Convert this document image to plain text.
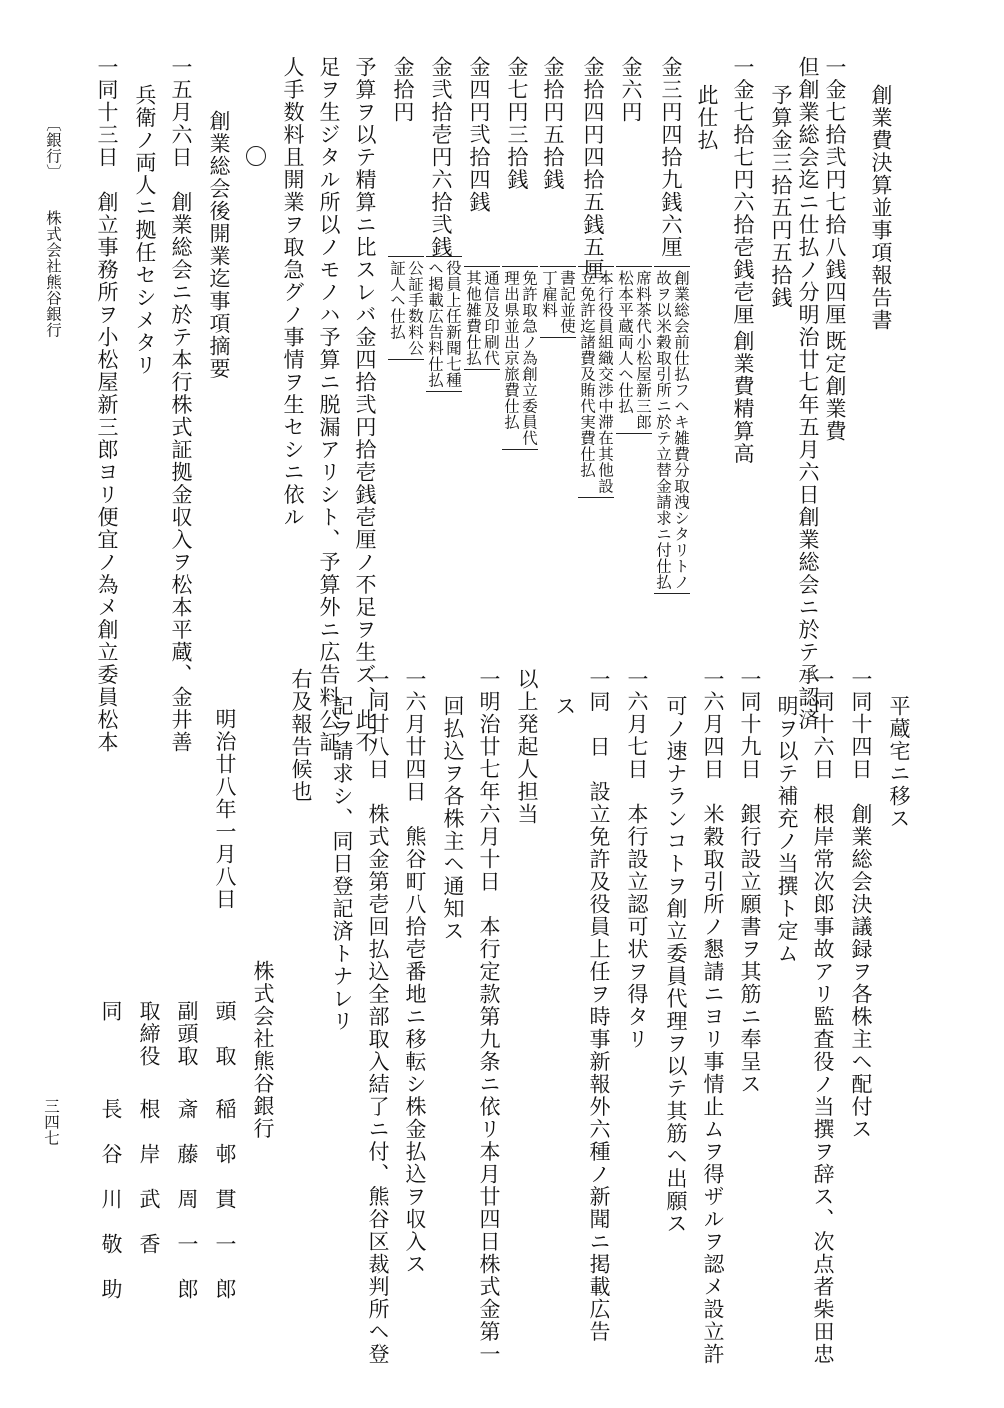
創業費決算並事項報告書
一金七拾弐円七拾八銭四厘
既定創業費
但創業総会迄ニ仕払ノ分明治廿七年五月六日創業総会ニ於テ承認済
予算金三拾五円五拾銭
一金七拾七円六拾壱銭壱厘
創業費精算高
此仕払
金三円四拾九銭六厘
創業総会前仕払フヘキ雑費分取洩シタリトノ
故ヲ以米穀取引所ニ於テ立替金請求ニ付仕払
金六円
席料茶代小松屋新三郎
松本平蔵両人ヘ仕払
金拾四円四拾五銭五厘
本行役員組織交渉中滞在其他設
立免許迄諸費及賄代実費仕払
金拾円五拾銭
書記並使
丁雇料
金七円三拾銭
免許取急ノ為創立委員代
理出県並出京旅費仕払
金四円弐拾四銭
通信及印刷代
其他雑費仕払
金弐拾壱円六拾弐銭
役員上任新聞七種
ヘ掲載広告料仕払
金拾円
公証手数料公
証人ヘ仕払
予算ヲ以テ精算ニ比スレバ金四拾弐円拾壱銭壱厘ノ不足ヲ生ズ、此不
足ヲ生ジタル所以ノモノハ予算ニ脱漏アリシト、予算外ニ広告料公証
人手数料且開業ヲ取急グノ事情ヲ生セシニ依ル
創業総会後開業迄事項摘要
一五月六日　創業総会ニ於テ本行株式証拠金収入ヲ松本平蔵、金井善
兵衛ノ両人ニ拠任セシメタリ
一同十三日　創立事務所ヲ小松屋新三郎ヨリ便宜ノ為メ創立委員松本
〔銀行〕
株式会社熊谷銀行
平蔵宅ニ移ス
一同十四日　創業総会決議録ヲ各株主ヘ配付ス
一同十六日　根岸常次郎事故アリ監査役ノ当撰ヲ辞ス、次点者柴田忠
明ヲ以テ補充ノ当撰ト定ム
一同十九日　銀行設立願書ヲ其筋ニ奉呈ス
一六月四日　米穀取引所ノ懇請ニヨリ事情止ムヲ得ザルヲ認メ設立許
可ノ速ナランコトヲ創立委員代理ヲ以テ其筋ヘ出願ス
一六月七日　本行設立認可状ヲ得タリ
一同　日　設立免許及役員上任ヲ時事新報外六種ノ新聞ニ掲載広告
ス
以上発起人担当
一明治廿七年六月十日　本行定款第九条ニ依リ本月廿四日株式金第一
回払込ヲ各株主ヘ通知ス
一六月廿四日　熊谷町八拾壱番地ニ移転シ株金払込ヲ収入ス
一同廿八日　株式金第壱回払込全部取入結了ニ付、熊谷区裁判所ヘ登
記ヲ請求シ、同日登記済トナレリ
右及報告候也
明治廿八年一月八日
株式会社熊谷銀行
頭　取
稲　邨　貫　一　郎
副頭取
斎　藤　周　一　郎
取締役
根　岸　武　香
同
長　谷　川　敬　助
三四七
